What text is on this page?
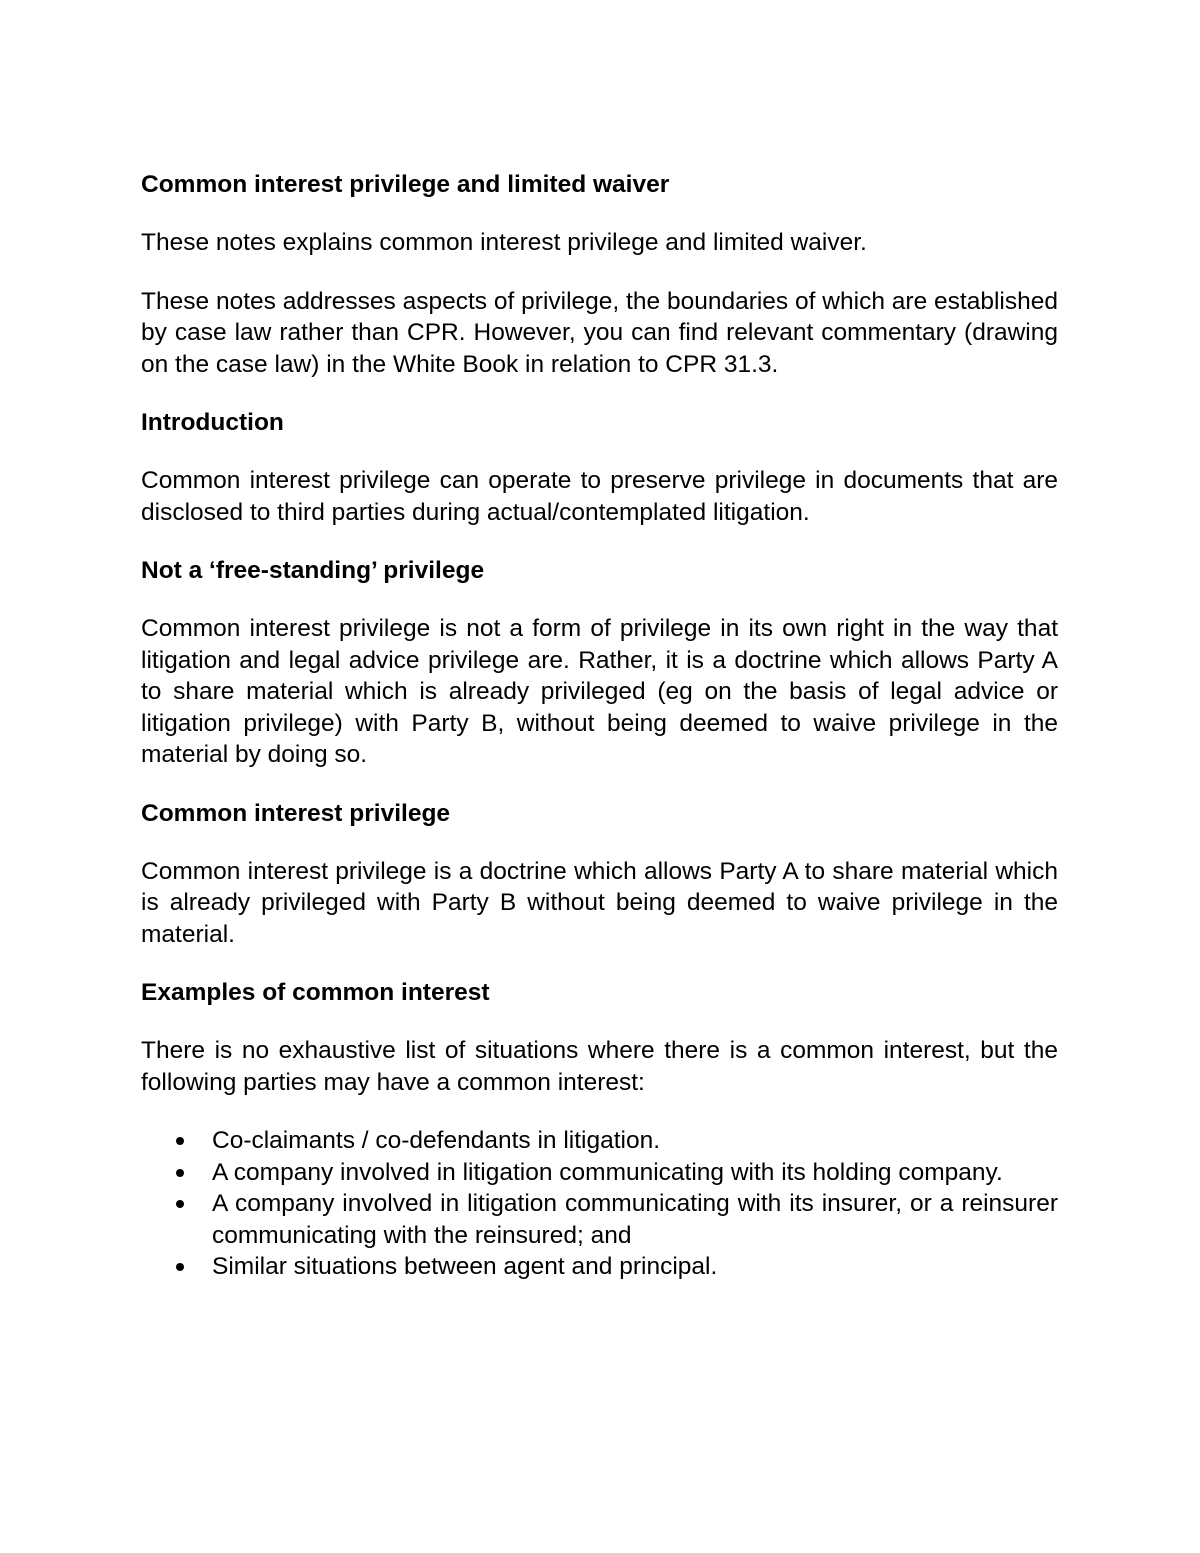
Common interest privilege and limited waiver

These notes explains common interest privilege and limited waiver.

These notes addresses aspects of privilege, the boundaries of which are established by case law rather than CPR. However, you can find relevant commentary (drawing on the case law) in the White Book in relation to CPR 31.3.

Introduction

Common interest privilege can operate to preserve privilege in documents that are disclosed to third parties during actual/contemplated litigation.

Not a ‘free-standing’ privilege

Common interest privilege is not a form of privilege in its own right in the way that litigation and legal advice privilege are. Rather, it is a doctrine which allows Party A to share material which is already privileged (eg on the basis of legal advice or litigation privilege) with Party B, without being deemed to waive privilege in the material by doing so.

Common interest privilege

Common interest privilege is a doctrine which allows Party A to share material which is already privileged with Party B without being deemed to waive privilege in the material.

Examples of common interest

There is no exhaustive list of situations where there is a common interest, but the following parties may have a common interest:

Co-claimants / co-defendants in litigation.
A company involved in litigation communicating with its holding company.
A company involved in litigation communicating with its insurer, or a reinsurer communicating with the reinsured; and
Similar situations between agent and principal.
